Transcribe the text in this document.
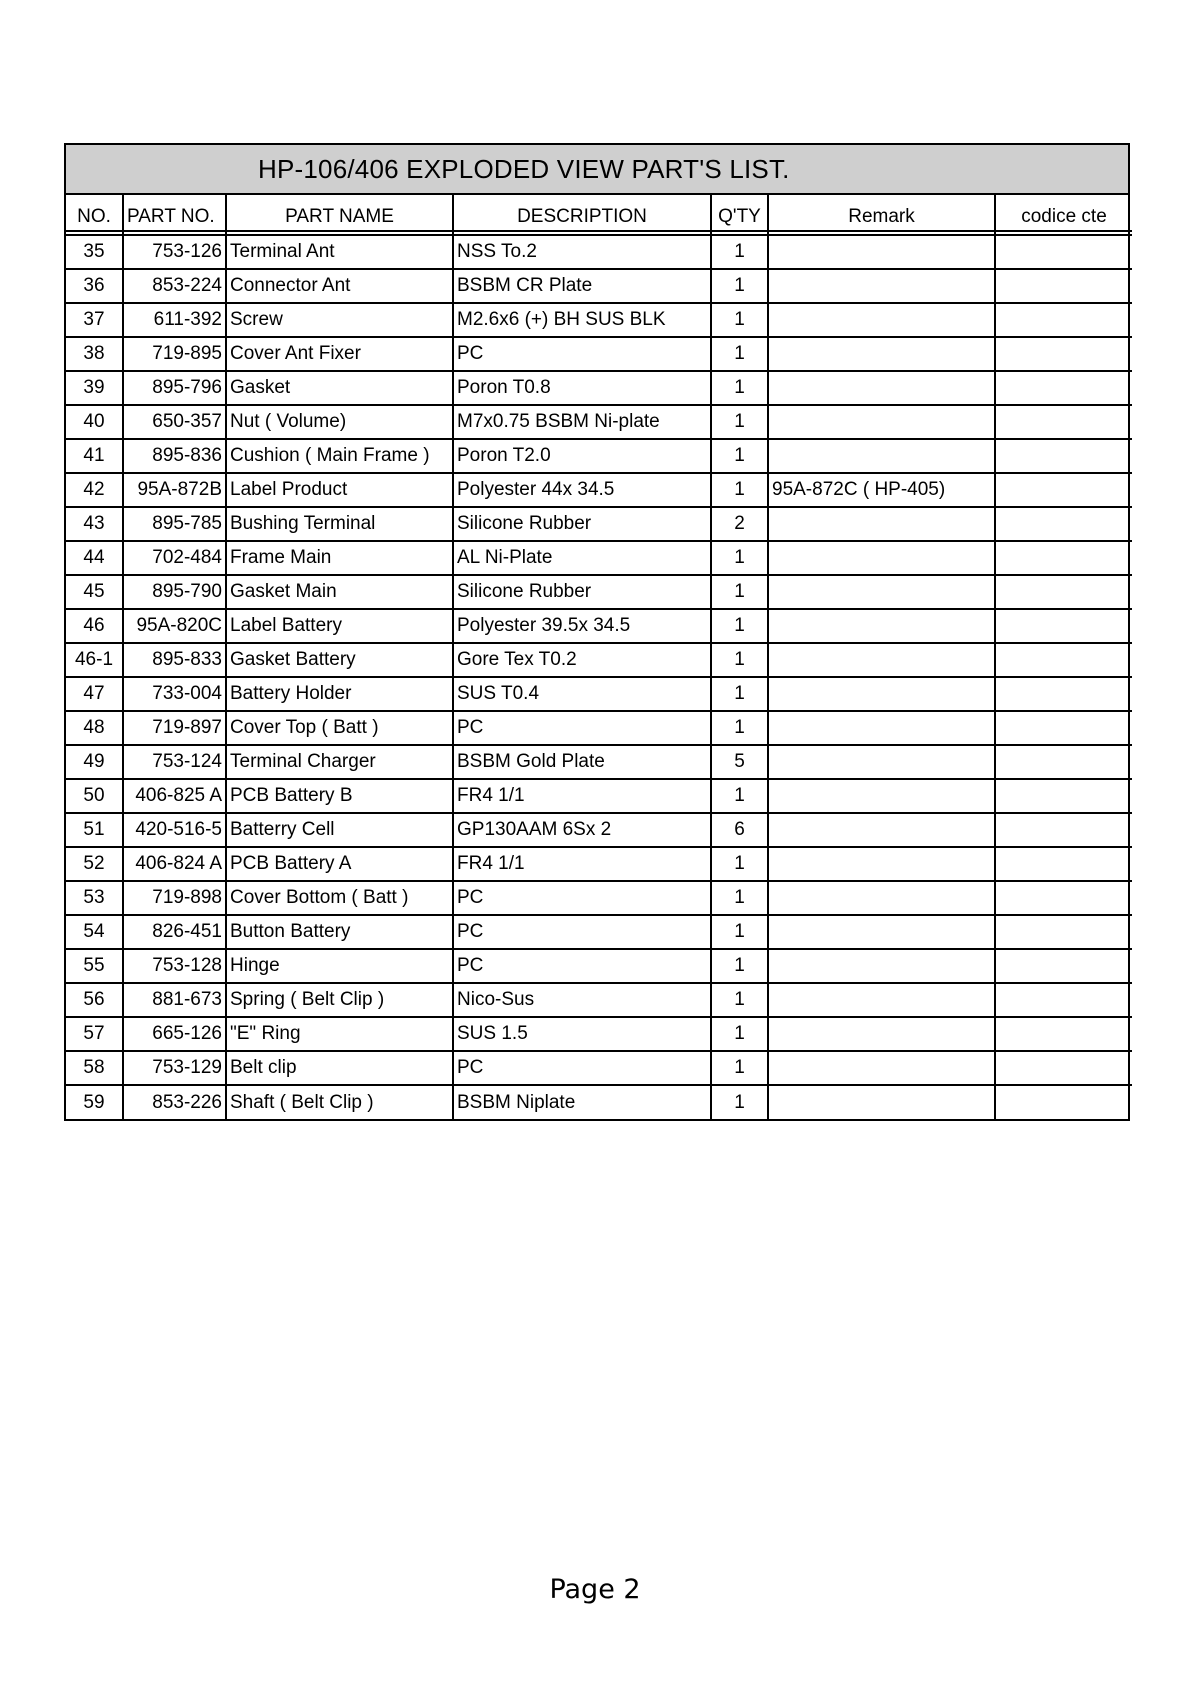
HP-106/406 EXPLODED VIEW PART'S LIST.
NO.	PART NO.	PART NAME	DESCRIPTION	Q'TY	Remark	codice cte

35	753-126	Terminal Ant	NSS To.2	1		
36	853-224	Connector Ant	BSBM CR Plate	1		
37	611-392	Screw	M2.6x6 (+) BH SUS BLK	1		
38	719-895	Cover Ant Fixer	PC	1		
39	895-796	Gasket	Poron T0.8	1		
40	650-357	Nut ( Volume)	M7x0.75 BSBM Ni-plate	1		
41	895-836	Cushion ( Main Frame )	Poron T2.0	1		
42	95A-872B	Label Product	Polyester 44x 34.5	1	95A-872C ( HP-405)	
43	895-785	Bushing Terminal	Silicone Rubber	2		
44	702-484	Frame Main	AL Ni-Plate	1		
45	895-790	Gasket Main	Silicone Rubber	1		
46	95A-820C	Label Battery	Polyester 39.5x 34.5	1		
46-1	895-833	Gasket Battery	Gore Tex T0.2	1		
47	733-004	Battery Holder	SUS T0.4	1		
48	719-897	Cover Top ( Batt )	PC	1		
49	753-124	Terminal Charger	BSBM Gold Plate	5		
50	406-825 A	PCB Battery B	FR4 1/1	1		
51	420-516-5	Batterry Cell	GP130AAM 6Sx 2	6		
52	406-824 A	PCB Battery A	FR4 1/1	1		
53	719-898	Cover Bottom ( Batt )	PC	1		
54	826-451	Button Battery	PC	1		
55	753-128	Hinge	PC	1		
56	881-673	Spring ( Belt Clip )	Nico-Sus	1		
57	665-126	"E" Ring	SUS 1.5	1		
58	753-129	Belt clip	PC	1		
59	853-226	Shaft ( Belt Clip )	BSBM Niplate	1		
Page 2
